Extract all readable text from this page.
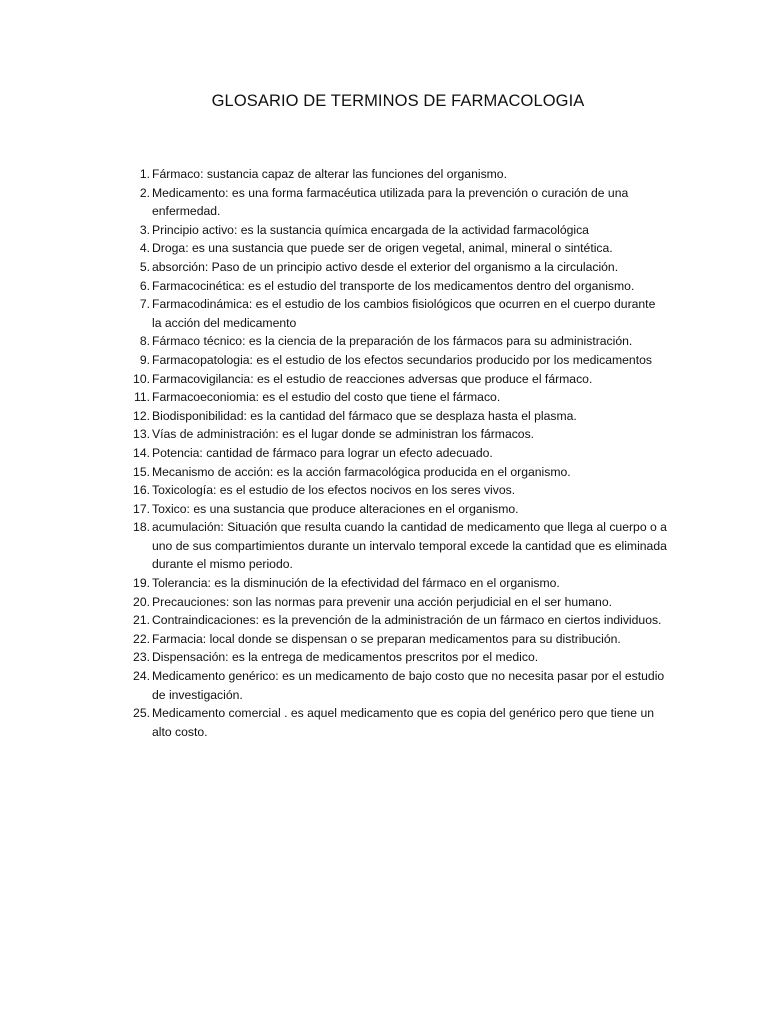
GLOSARIO DE TERMINOS DE FARMACOLOGIA
1. Fármaco: sustancia capaz de alterar las funciones del organismo.
2. Medicamento: es una forma farmacéutica utilizada para la prevención o curación de una enfermedad.
3. Principio activo: es la sustancia química encargada de la actividad farmacológica
4. Droga: es una sustancia que puede ser de origen vegetal, animal, mineral o sintética.
5. absorción: Paso de un principio activo desde el exterior del organismo a la circulación.
6. Farmacocinética: es el estudio del transporte de los medicamentos dentro del organismo.
7. Farmacodinámica: es el estudio de los cambios fisiológicos que ocurren en el cuerpo durante la acción del medicamento
8. Fármaco técnico: es la ciencia de la preparación de los fármacos para su administración.
9. Farmacopatologia: es el estudio de los efectos secundarios producido por los medicamentos
10. Farmacovigilancia: es el estudio de reacciones adversas que produce el fármaco.
11. Farmacoeconiomia: es el estudio del costo que tiene el fármaco.
12. Biodisponibilidad: es la cantidad del fármaco que se desplaza hasta el plasma.
13. Vías de administración: es el lugar donde se administran los fármacos.
14. Potencia: cantidad de fármaco para lograr un efecto adecuado.
15. Mecanismo de acción: es la acción farmacológica producida en el organismo.
16. Toxicología: es el estudio de los efectos nocivos en los seres vivos.
17. Toxico: es una sustancia que produce alteraciones en el organismo.
18. acumulación: Situación que resulta cuando la cantidad de medicamento que llega al cuerpo o a uno de sus compartimientos durante un intervalo temporal excede la cantidad que es eliminada durante el mismo periodo.
19. Tolerancia: es la disminución de la efectividad del fármaco en el organismo.
20. Precauciones: son las normas para prevenir una acción perjudicial en el ser humano.
21. Contraindicaciones: es la prevención de la administración de un fármaco en ciertos individuos.
22. Farmacia: local donde se dispensan o se preparan medicamentos para su distribución.
23. Dispensación: es la entrega de medicamentos prescritos por el medico.
24. Medicamento genérico: es un medicamento de bajo costo que no necesita pasar por el estudio de investigación.
25. Medicamento comercial . es aquel medicamento que es copia del genérico pero que tiene un alto costo.
